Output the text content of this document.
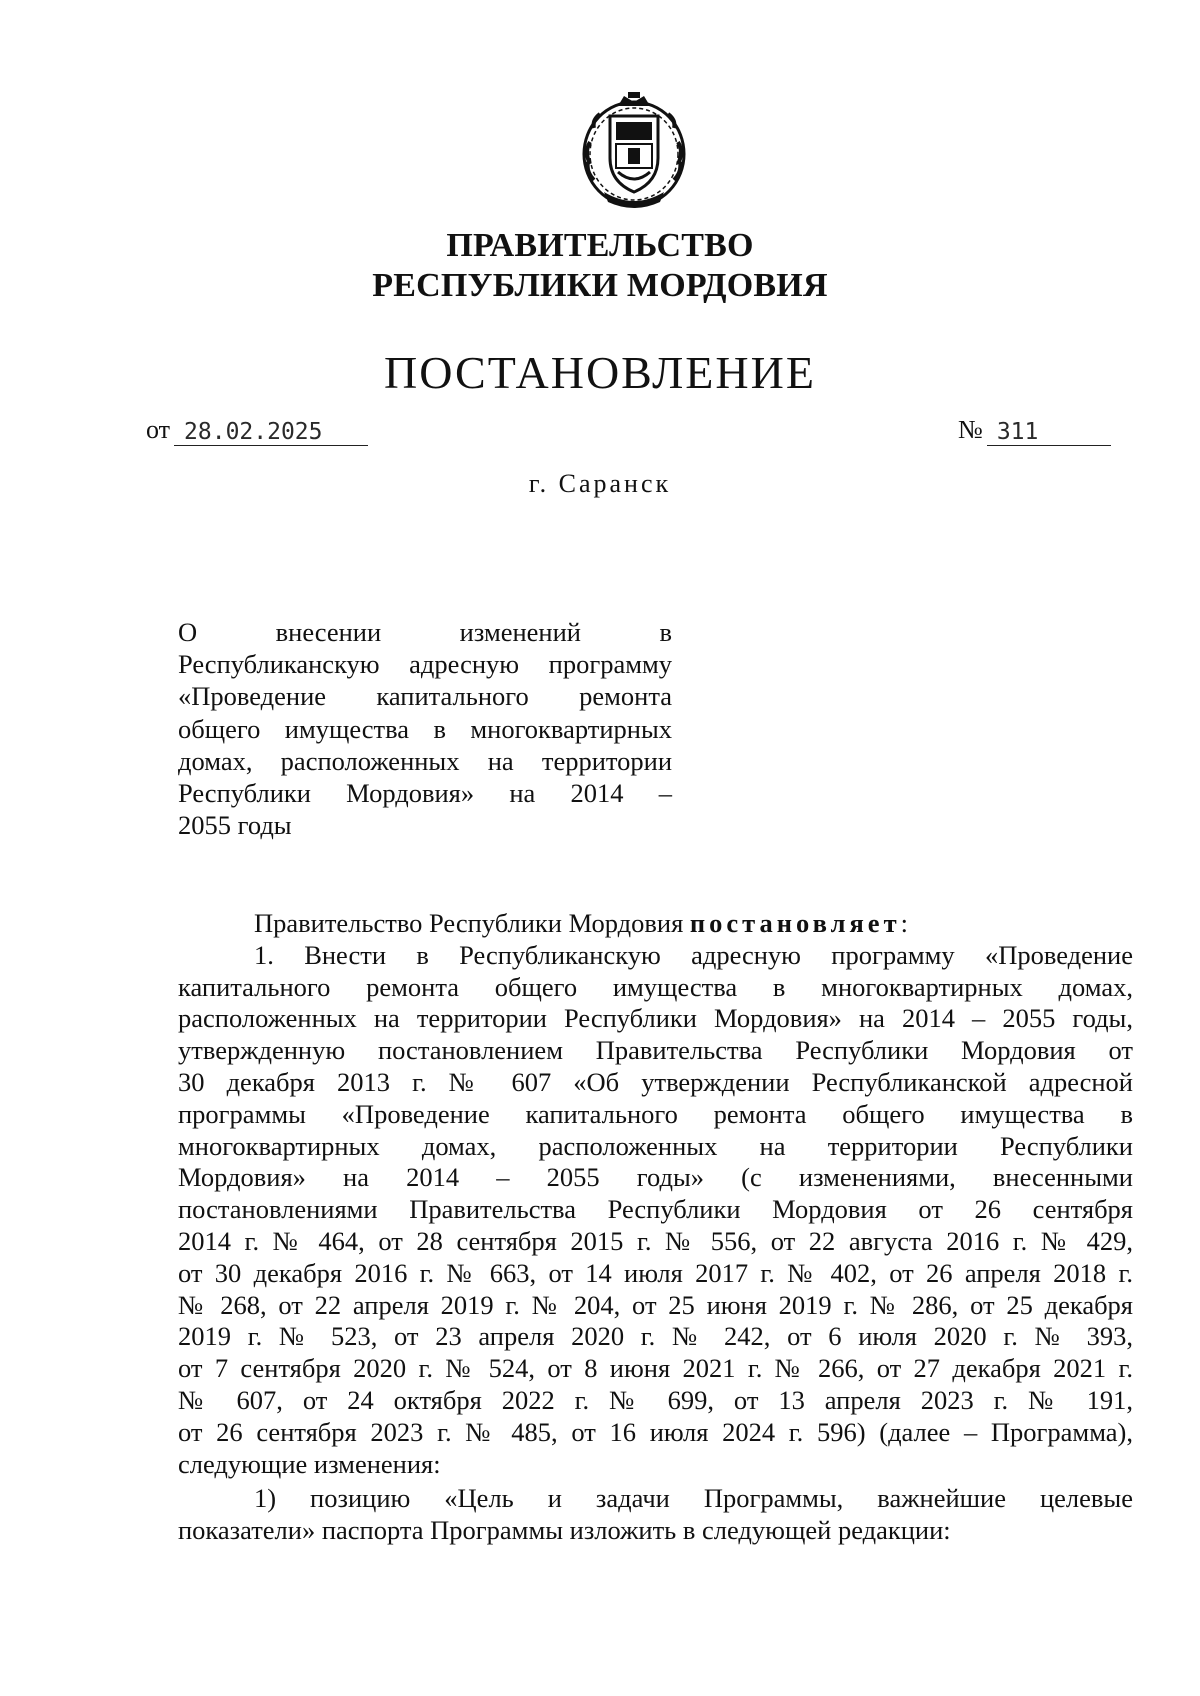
ПРАВИТЕЛЬСТВО
РЕСПУБЛИКИ МОРДОВИЯ
ПОСТАНОВЛЕНИЕ
от 28.02.2025	№ 311
г. Саранск
О внесении изменений в
Республиканскую адресную программу
«Проведение капитального ремонта
общего имущества в многоквартирных
домах, расположенных на территории
Республики Мордовия» на 2014 –
2055 годы
Правительство Республики Мордовия постановляет:
1. Внести в Республиканскую адресную программу «Проведение
капитального ремонта общего имущества в многоквартирных домах,
расположенных на территории Республики Мордовия» на 2014 – 2055 годы,
утвержденную постановлением Правительства Республики Мордовия от
30 декабря 2013 г. № 607 «Об утверждении Республиканской адресной
программы «Проведение капитального ремонта общего имущества в
многоквартирных домах, расположенных на территории Республики
Мордовия» на 2014 – 2055 годы» (с изменениями, внесенными
постановлениями Правительства Республики Мордовия от 26 сентября
2014 г. № 464, от 28 сентября 2015 г. № 556, от 22 августа 2016 г. № 429,
от 30 декабря 2016 г. № 663, от 14 июля 2017 г. № 402, от 26 апреля 2018 г.
№ 268, от 22 апреля 2019 г. № 204, от 25 июня 2019 г. № 286, от 25 декабря
2019 г. № 523, от 23 апреля 2020 г. № 242, от 6 июля 2020 г. № 393,
от 7 сентября 2020 г. № 524, от 8 июня 2021 г. № 266, от 27 декабря 2021 г.
№ 607, от 24 октября 2022 г. № 699, от 13 апреля 2023 г. № 191,
от 26 сентября 2023 г. № 485, от 16 июля 2024 г. 596) (далее – Программа),
следующие изменения:
1) позицию «Цель и задачи Программы, важнейшие целевые
показатели» паспорта Программы изложить в следующей редакции:
